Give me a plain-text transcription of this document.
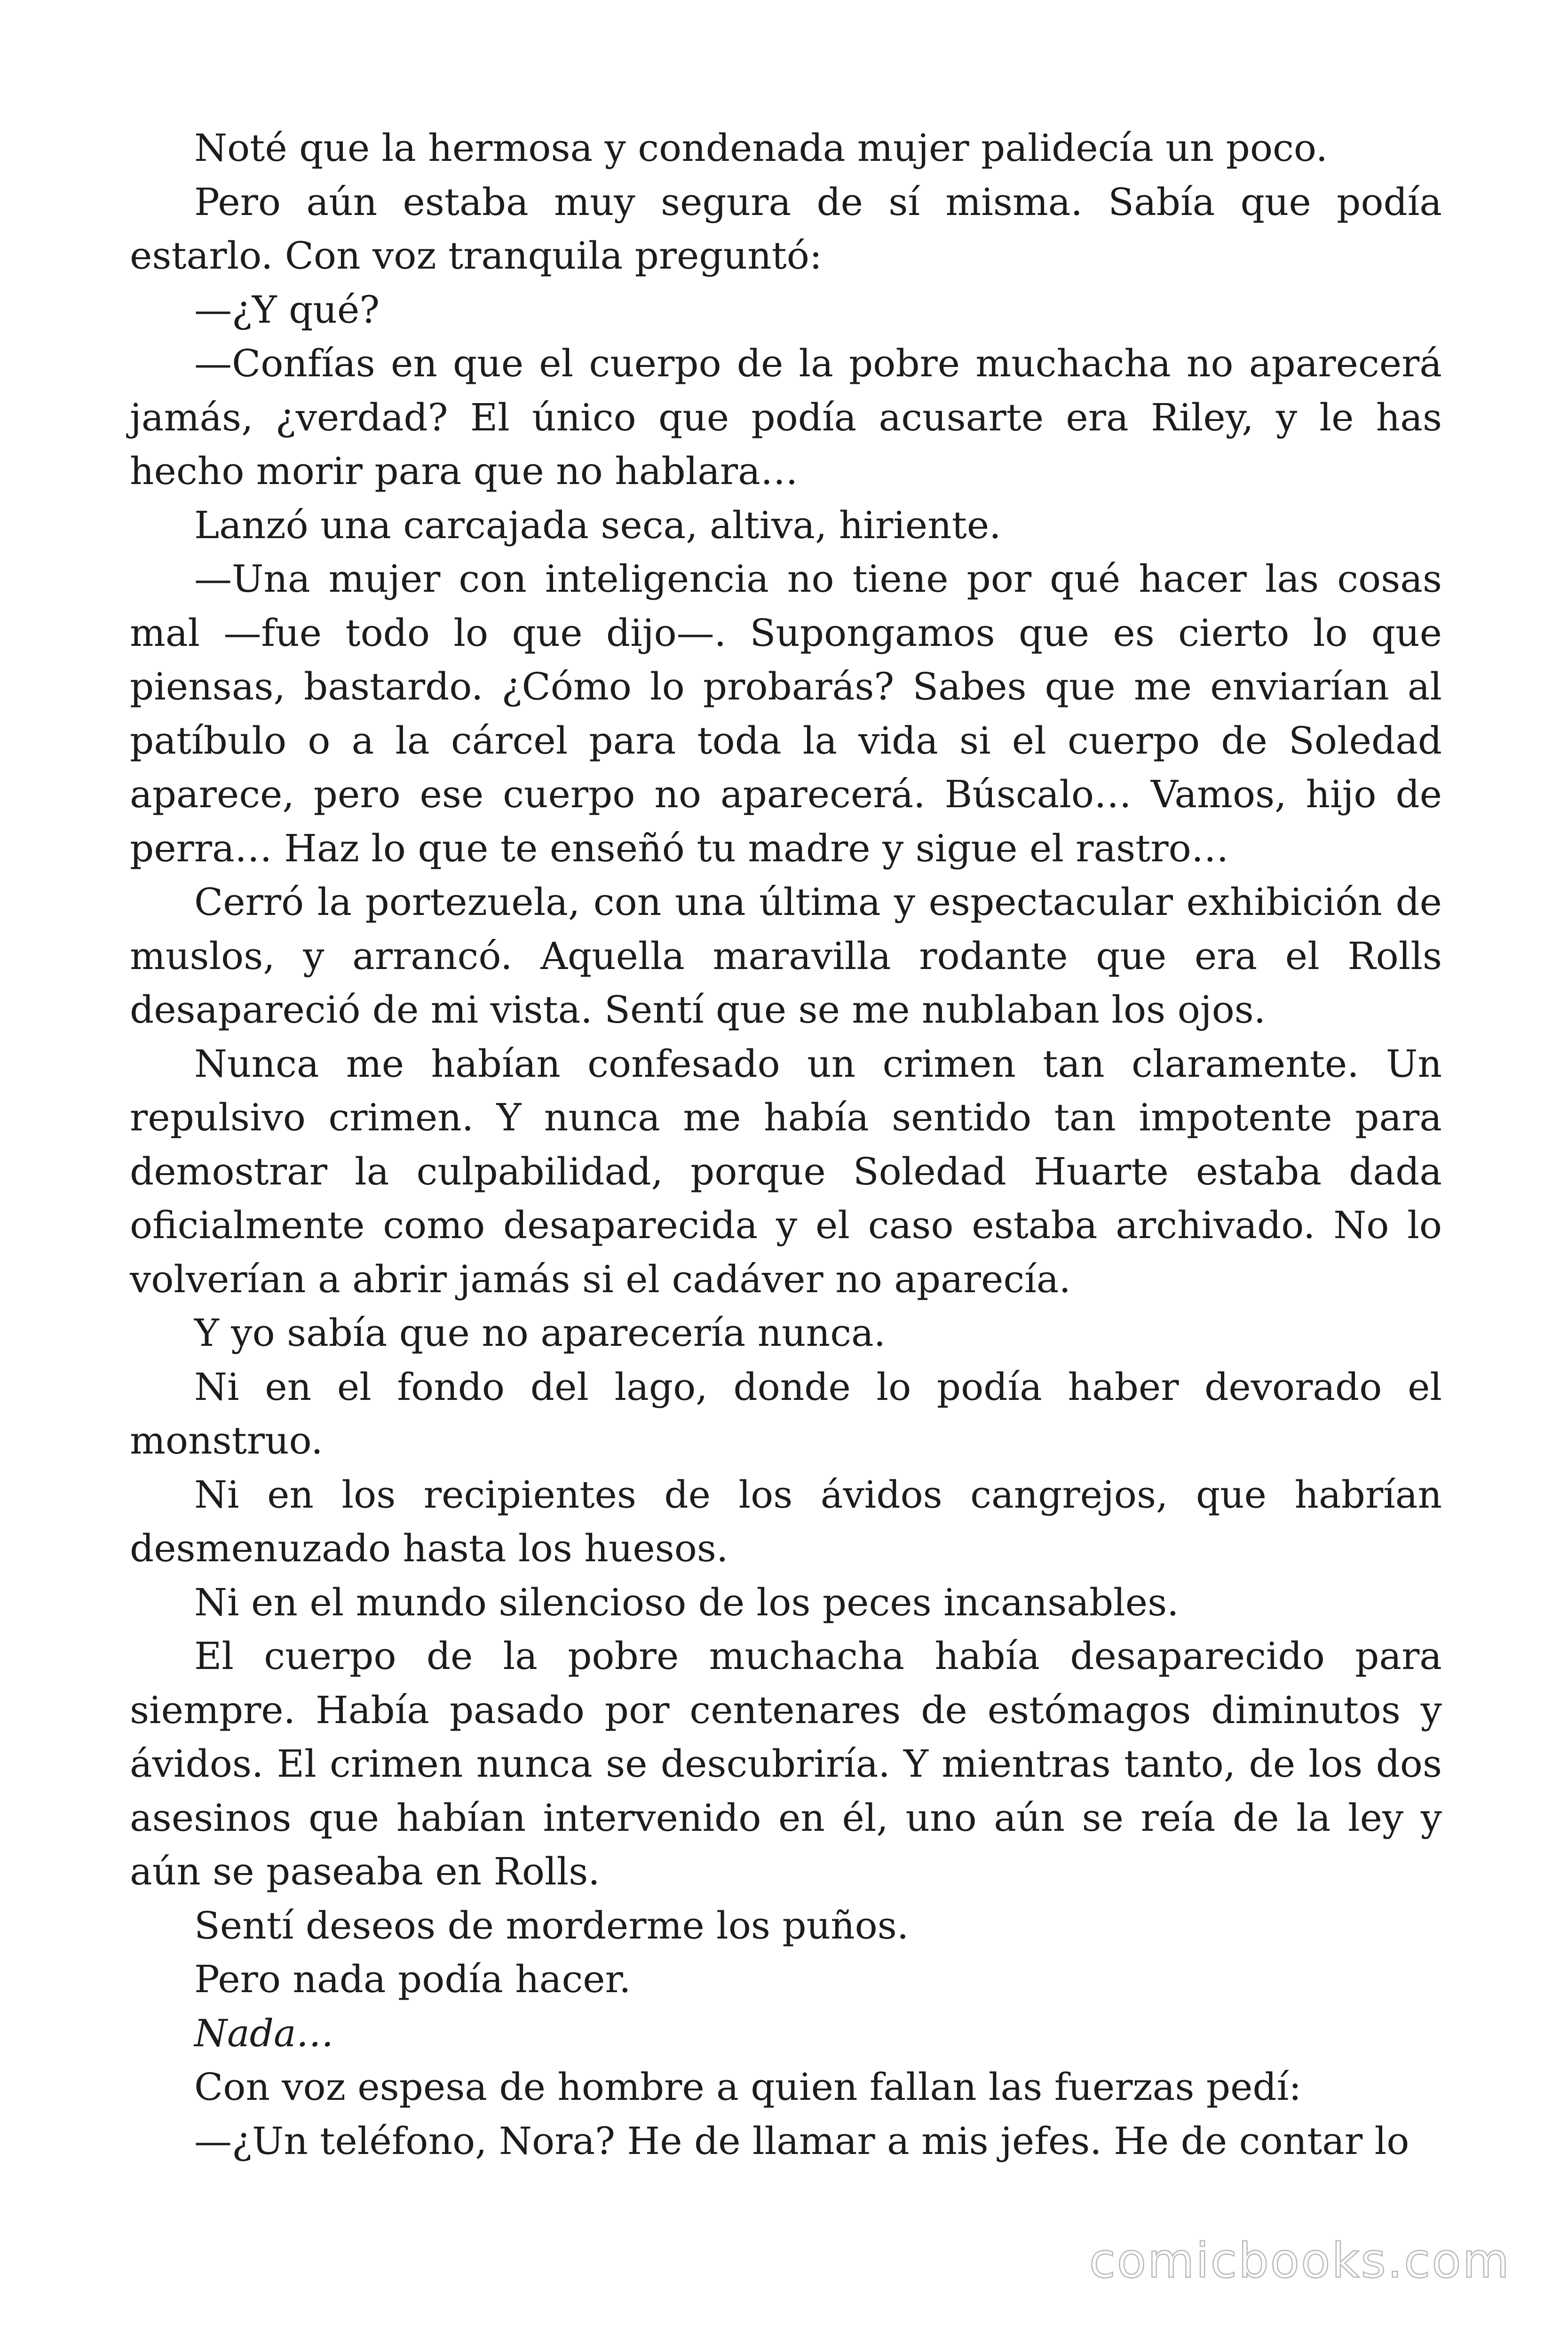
Noté que la hermosa y condenada mujer palidecía un poco.

Pero aún estaba muy segura de sí misma. Sabía que podía estarlo. Con voz tranquila preguntó:

—¿Y qué?

—Confías en que el cuerpo de la pobre muchacha no aparecerá jamás, ¿verdad? El único que podía acusarte era Riley, y le has hecho morir para que no hablara…

Lanzó una carcajada seca, altiva, hiriente.

—Una mujer con inteligencia no tiene por qué hacer las cosas mal —fue todo lo que dijo—. Supongamos que es cierto lo que piensas, bastardo. ¿Cómo lo probarás? Sabes que me enviarían al patíbulo o a la cárcel para toda la vida si el cuerpo de Soledad aparece, pero ese cuerpo no aparecerá. Búscalo… Vamos, hijo de perra… Haz lo que te enseñó tu madre y sigue el rastro…

Cerró la portezuela, con una última y espectacular exhibición de muslos, y arrancó. Aquella maravilla rodante que era el Rolls desapareció de mi vista. Sentí que se me nublaban los ojos.

Nunca me habían confesado un crimen tan claramente. Un repulsivo crimen. Y nunca me había sentido tan impotente para demostrar la culpabilidad, porque Soledad Huarte estaba dada oficialmente como desaparecida y el caso estaba archivado. No lo volverían a abrir jamás si el cadáver no aparecía.

Y yo sabía que no aparecería nunca.

Ni en el fondo del lago, donde lo podía haber devorado el monstruo.

Ni en los recipientes de los ávidos cangrejos, que habrían desmenuzado hasta los huesos.

Ni en el mundo silencioso de los peces incansables.

El cuerpo de la pobre muchacha había desaparecido para siempre. Había pasado por centenares de estómagos diminutos y ávidos. El crimen nunca se descubriría. Y mientras tanto, de los dos asesinos que habían intervenido en él, uno aún se reía de la ley y aún se paseaba en Rolls.

Sentí deseos de morderme los puños.

Pero nada podía hacer.

Nada…

Con voz espesa de hombre a quien fallan las fuerzas pedí:

—¿Un teléfono, Nora? He de llamar a mis jefes. He de contar lo

comicbooks.com
